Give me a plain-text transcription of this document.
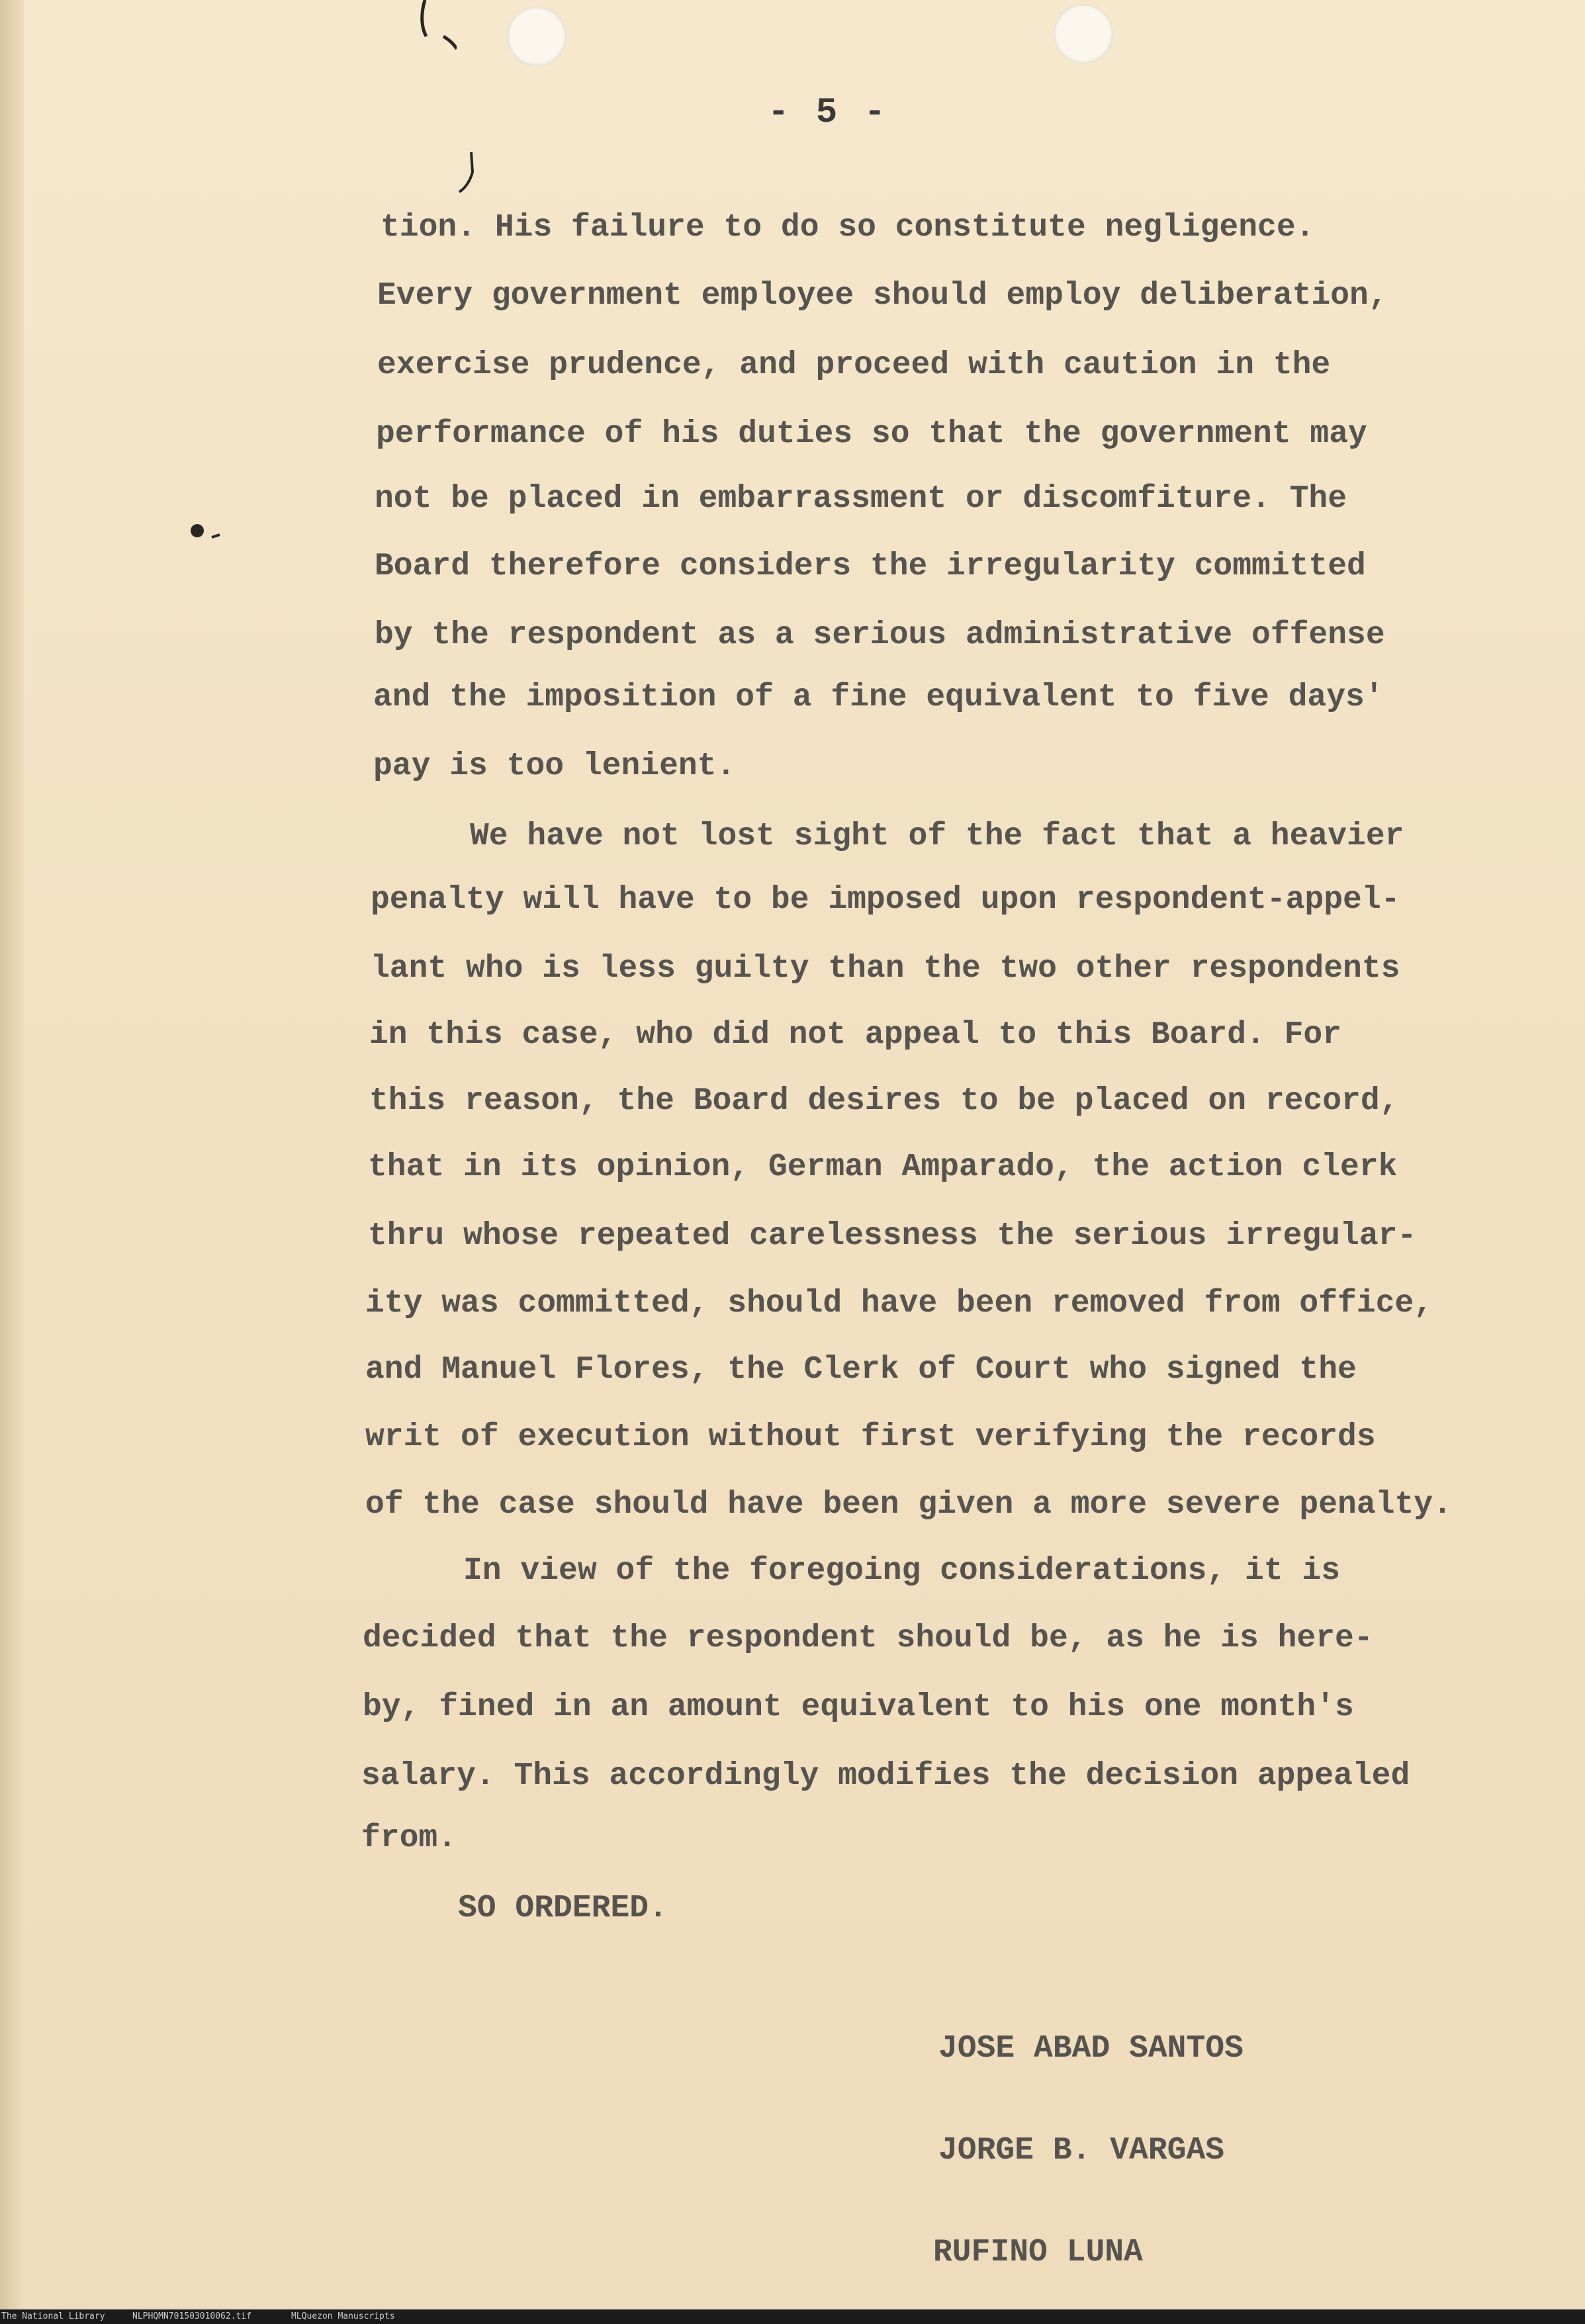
- 5 -

tion. His failure to do so constitute negligence.

Every government employee should employ deliberation,

exercise prudence, and proceed with caution in the

performance of his duties so that the government may

not be placed in embarrassment or discomfiture. The

Board therefore considers the irregularity committed

by the respondent as a serious administrative offense

and the imposition of a fine equivalent to five days'

pay is too lenient.

We have not lost sight of the fact that a heavier

penalty will have to be imposed upon respondent-appel-

lant who is less guilty than the two other respondents

in this case, who did not appeal to this Board. For

this reason, the Board desires to be placed on record,

that in its opinion, German Amparado, the action clerk

thru whose repeated carelessness the serious irregular-

ity was committed, should have been removed from office,

and Manuel Flores, the Clerk of Court who signed the

writ of execution without first verifying the records

of the case should have been given a more severe penalty.

In view of the foregoing considerations, it is

decided that the respondent should be, as he is here-

by, fined in an amount equivalent to his one month's

salary. This accordingly modifies the decision appealed

from.

SO ORDERED.

JOSE ABAD SANTOS

JORGE B. VARGAS

RUFINO LUNA

The National Library	NLPHQMN701503010062.tif	MLQuezon Manuscripts
